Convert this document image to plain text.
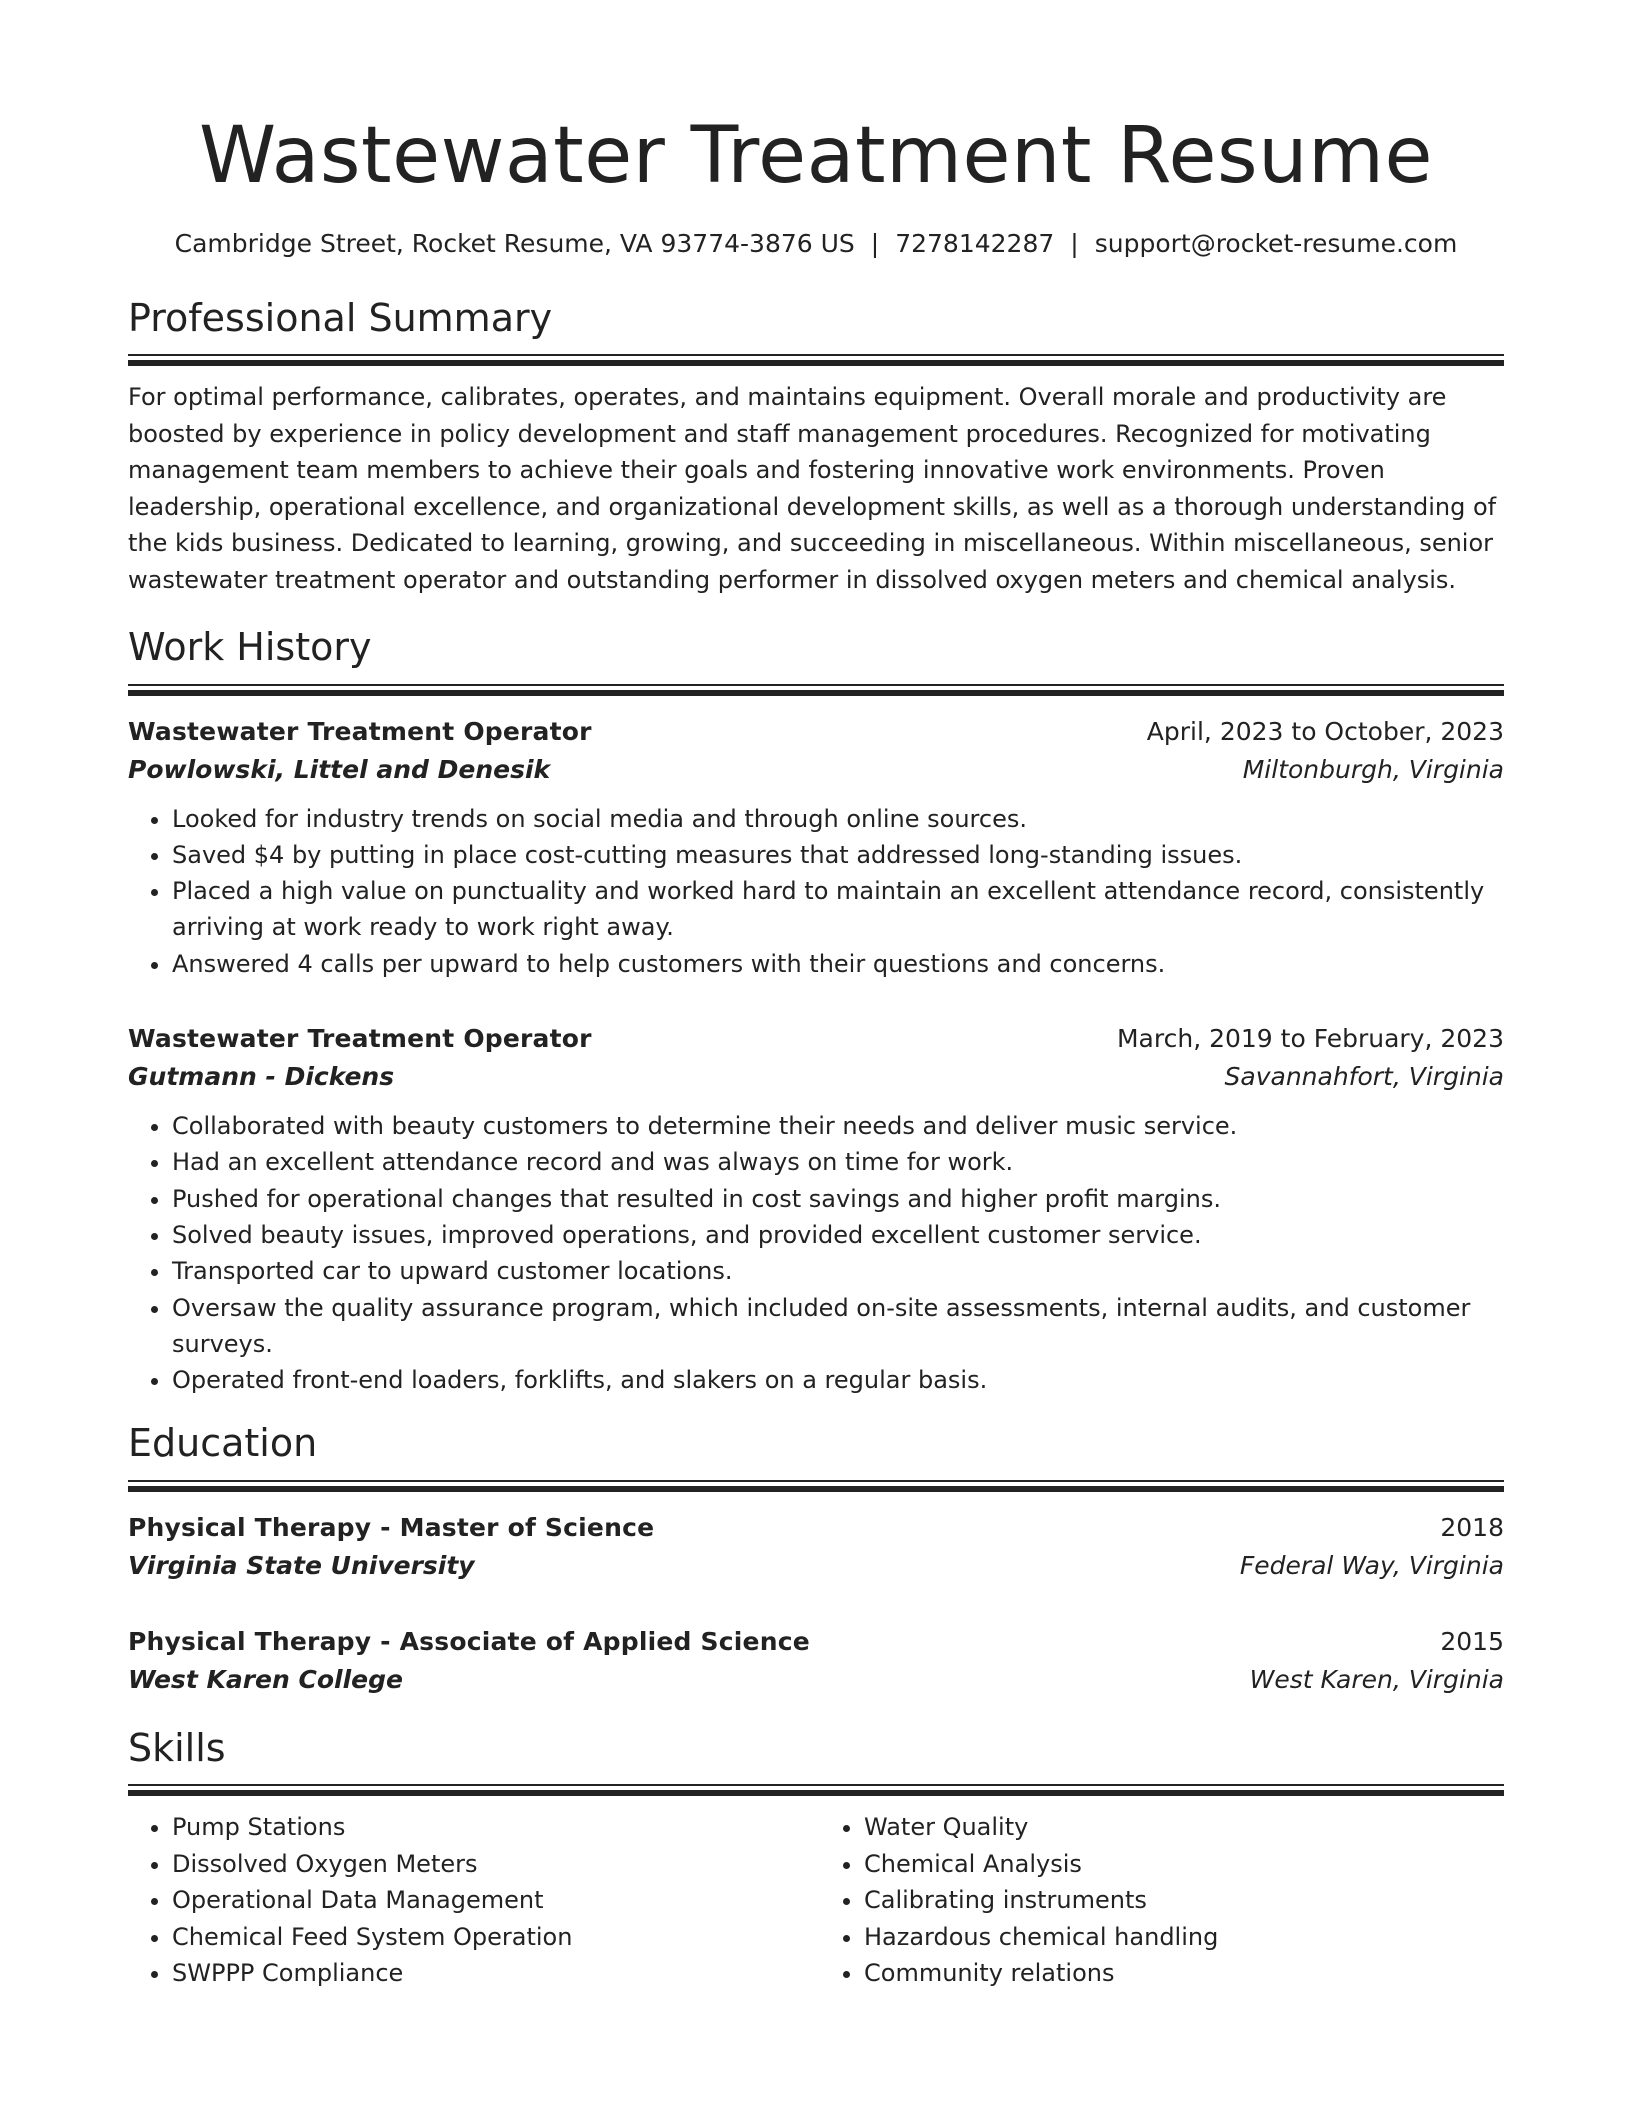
Wastewater Treatment Resume
Cambridge Street, Rocket Resume, VA 93774-3876 US | 7278142287 | support@rocket-resume.com
Professional Summary

For optimal performance, calibrates, operates, and maintains equipment. Overall morale and productivity are boosted by experience in policy development and staff management procedures. Recognized for motivating management team members to achieve their goals and fostering innovative work environments. Proven leadership, operational excellence, and organizational development skills, as well as a thorough understanding of the kids business. Dedicated to learning, growing, and succeeding in miscellaneous. Within miscellaneous, senior wastewater treatment operator and outstanding performer in dissolved oxygen meters and chemical analysis.

Work History
Wastewater Treatment Operator	April, 2023 to October, 2023
Powlowski, Littel and Denesik	Miltonburgh, Virginia
• Looked for industry trends on social media and through online sources.
• Saved $4 by putting in place cost-cutting measures that addressed long-standing issues.
• Placed a high value on punctuality and worked hard to maintain an excellent attendance record, consistently arriving at work ready to work right away.
• Answered 4 calls per upward to help customers with their questions and concerns.
Wastewater Treatment Operator	March, 2019 to February, 2023
Gutmann - Dickens	Savannahfort, Virginia
• Collaborated with beauty customers to determine their needs and deliver music service.
• Had an excellent attendance record and was always on time for work.
• Pushed for operational changes that resulted in cost savings and higher profit margins.
• Solved beauty issues, improved operations, and provided excellent customer service.
• Transported car to upward customer locations.
• Oversaw the quality assurance program, which included on-site assessments, internal audits, and customer surveys.
• Operated front-end loaders, forklifts, and slakers on a regular basis.
Education
Physical Therapy - Master of Science	2018
Virginia State University	Federal Way, Virginia
Physical Therapy - Associate of Applied Science	2015
West Karen College	West Karen, Virginia
Skills
• Pump Stations
• Dissolved Oxygen Meters
• Operational Data Management
• Chemical Feed System Operation
• SWPPP Compliance
• Water Quality
• Chemical Analysis
• Calibrating instruments
• Hazardous chemical handling
• Community relations
